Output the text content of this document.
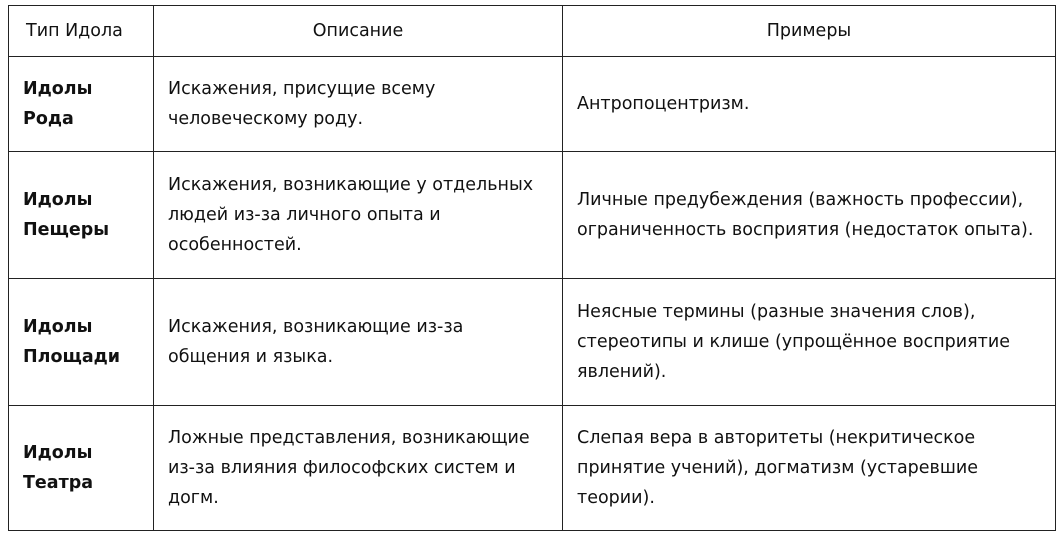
Тип Идола	Описание	Примеры
Идолы Рода	Искажения, присущие всему человеческому роду.	Антропоцентризм.
Идолы Пещеры	Искажения, возникающие у отдельных людей из-за личного опыта и особенностей.	Личные предубеждения (важность профессии), ограниченность восприятия (недостаток опыта).
Идолы Площади	Искажения, возникающие из-за общения и языка.	Неясные термины (разные значения слов), стереотипы и клише (упрощённое восприятие явлений).
Идолы Театра	Ложные представления, возникающие из-за влияния философских систем и догм.	Слепая вера в авторитеты (некритическое принятие учений), догматизм (устаревшие теории).
